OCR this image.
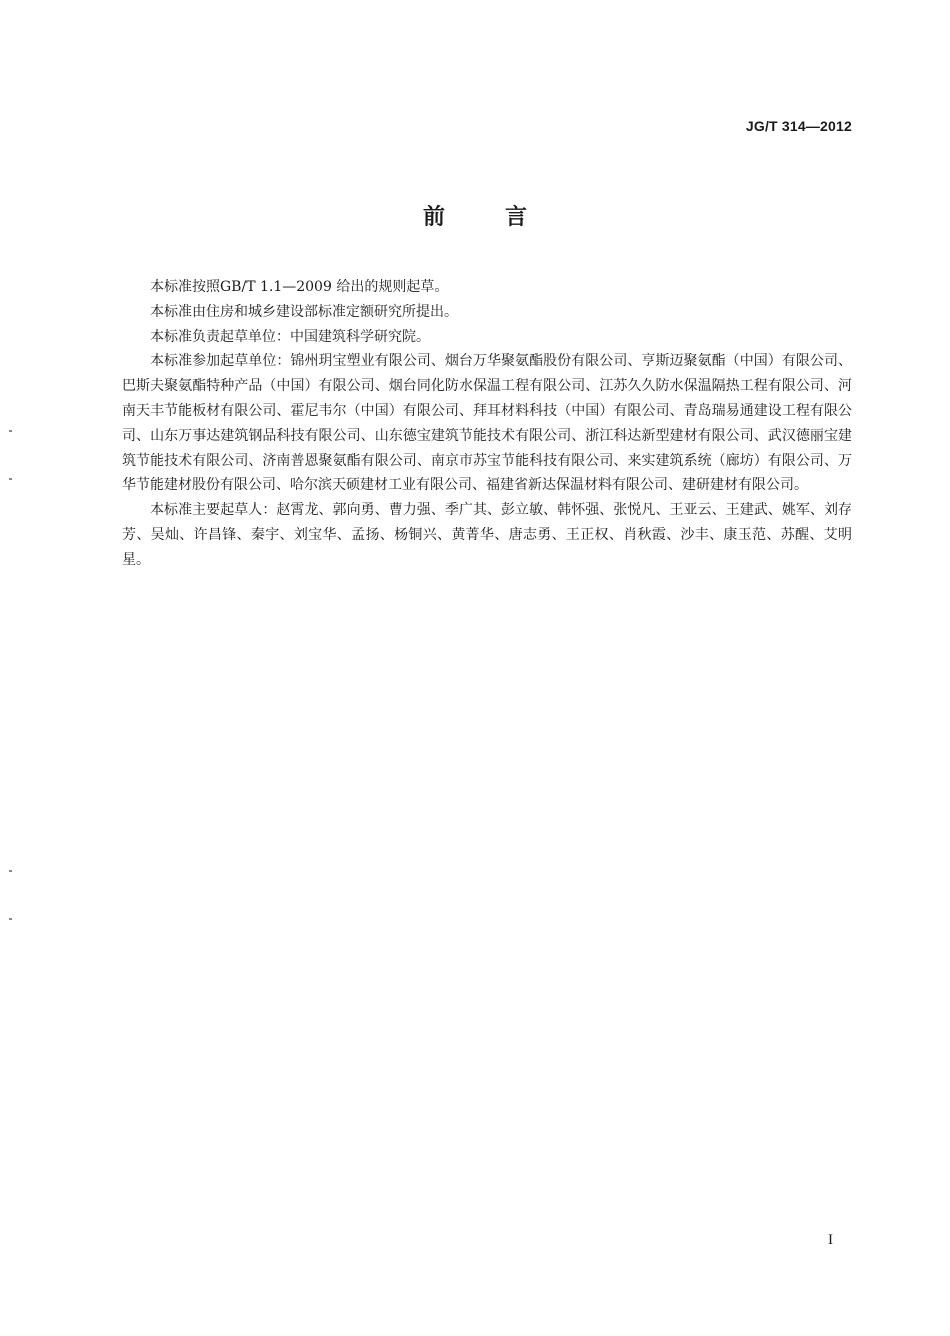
JG/T 314—2012
前言

本标准按照GB/T 1.1—2009 给出的规则起草。

本标准由住房和城乡建设部标准定额研究所提出。

本标准负责起草单位：中国建筑科学研究院。

本标准参加起草单位：锦州玥宝塑业有限公司、烟台万华聚氨酯股份有限公司、亨斯迈聚氨酯（中国）有限公司、巴斯夫聚氨酯特种产品（中国）有限公司、烟台同化防水保温工程有限公司、江苏久久防水保温隔热工程有限公司、河南天丰节能板材有限公司、霍尼韦尔（中国）有限公司、拜耳材料科技（中国）有限公司、青岛瑞易通建设工程有限公司、山东万事达建筑钢品科技有限公司、山东德宝建筑节能技术有限公司、浙江科达新型建材有限公司、武汉德丽宝建筑节能技术有限公司、济南普恩聚氨酯有限公司、南京市苏宝节能科技有限公司、来实建筑系统（廊坊）有限公司、万华节能建材股份有限公司、哈尔滨天硕建材工业有限公司、福建省新达保温材料有限公司、建研建材有限公司。

本标准主要起草人：赵霄龙、郭向勇、曹力强、季广其、彭立敏、韩怀强、张悦凡、王亚云、王建武、姚军、刘存芳、吴灿、许昌锋、秦宇、刘宝华、孟扬、杨铜兴、黄菁华、唐志勇、王正权、肖秋霞、沙丰、康玉范、苏醒、艾明星。

I
